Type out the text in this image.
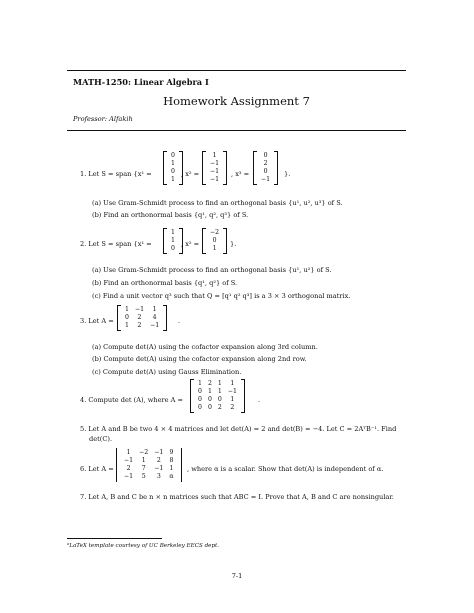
MATH-1250: Linear Algebra I
Homework Assignment 7
Professor: Alfakih
1. Let S = span {x¹ =
0
1
0
1
, x² =
1
−1
−1
−1
, x³ =
0
2
0
−1
}.
(a) Use Gram-Schmidt process to find an orthogonal basis {u¹, u², u³} of S.
(b) Find an orthonormal basis {q¹, q², q³} of S.
2. Let S = span {x¹ =
1
1
0
, x² =
−2
0
1
}.
(a) Use Gram-Schmidt process to find an orthogonal basis {u¹, u²} of S.
(b) Find an orthonormal basis {q¹, q²} of S.
(c) Find a unit vector q³ such that Q = [q¹ q² q³] is a 3 × 3 orthogonal matrix.
3. Let A =
1	−1	1
0	2	4
1	2	−1
.
(a) Compute det(A) using the cofactor expansion along 3rd column.
(b) Compute det(A) using the cofactor expansion along 2nd row.
(c) Compute det(A) using Gauss Elimination.
4. Compute det (A), where A =
1	2	1	1
0	1	1	−1
0	0	0	1
0	0	2	2
.
5. Let A and B be two 4 × 4 matrices and let det(A) = 2 and det(B) = −4. Let C = 2AᵀB⁻¹. Find
det(C).
6. Let A =
1	−2	−1	9
−1	1	2	8
2	7	−1	1
−1	5	3	α
, where α is a scalar. Show that det(A) is independent of α.
7. Let A, B and C be n × n matrices such that ABC = I. Prove that A, B and C are nonsingular.
⁰LaTeX template courtesy of UC Berkeley EECS dept.
7-1
